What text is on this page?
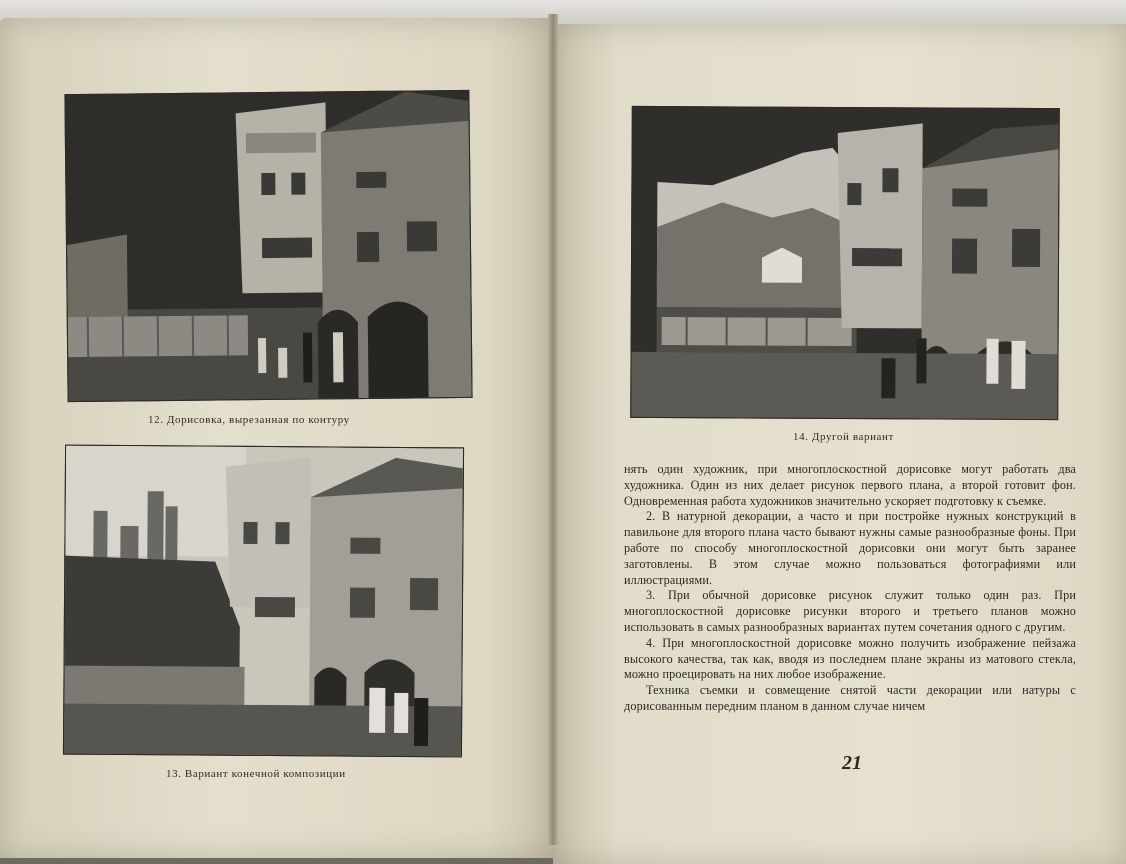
12. Дорисовка, вырезанная по контуру
13. Вариант конечной композиции
14. Другой вариант

нять один художник, при многоплоскостной дорисовке могут работать два художника. Один из них делает рисунок первого плана, а второй готовит фон. Одновременная работа художников значительно ускоряет подготовку к съемке.

2. В натурной декорации, а часто и при постройке нужных конструкций в павильоне для второго плана часто бывают нужны самые разнообразные фоны. При работе по способу многоплоскостной дорисовки они могут быть заранее заготовлены. В этом случае можно пользоваться фотографиями или иллюстрациями.

3. При обычной дорисовке рисунок служит только один раз. При многоплоскостной дорисовке рисунки второго и третьего планов можно использовать в самых разнообразных вариантах путем сочетания одного с другим.

4. При многоплоскостной дорисовке можно получить изображение пейзажа высокого качества, так как, вводя из последнем плане экраны из матового стекла, можно проецировать на них любое изображение.

Техника съемки и совмещение снятой части декорации или натуры с дорисованным передним планом в данном случае ничем

21
